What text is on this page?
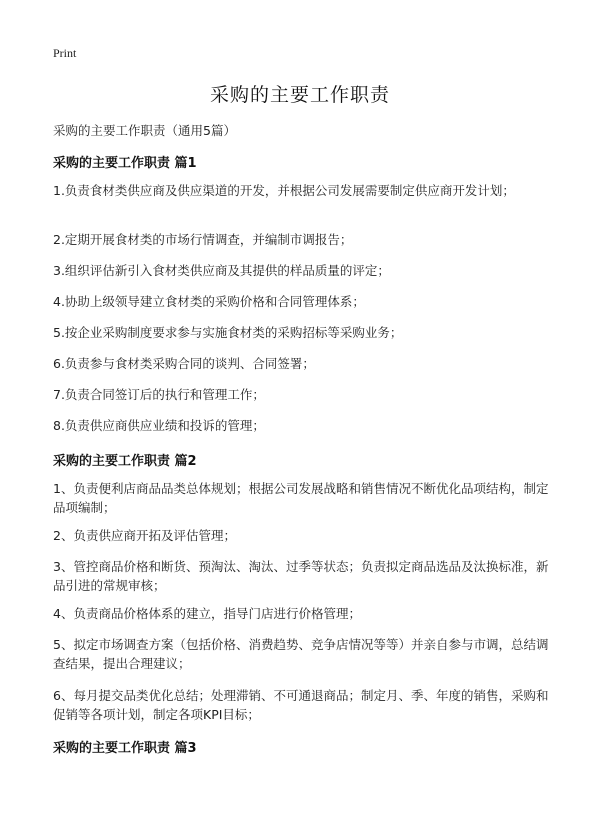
Print
采购的主要工作职责
采购的主要工作职责（通用5篇）
采购的主要工作职责 篇1

1.负责食材类供应商及供应渠道的开发，并根据公司发展需要制定供应商开发计划；

2.定期开展食材类的市场行情调查，并编制市调报告；

3.组织评估新引入食材类供应商及其提供的样品质量的评定；

4.协助上级领导建立食材类的采购价格和合同管理体系；

5.按企业采购制度要求参与实施食材类的采购招标等采购业务；

6.负责参与食材类采购合同的谈判、合同签署；

7.负责合同签订后的执行和管理工作；

8.负责供应商供应业绩和投诉的管理；

采购的主要工作职责 篇2

1、负责便利店商品品类总体规划；根据公司发展战略和销售情况不断优化品项结构，制定品项编制；

2、负责供应商开拓及评估管理；

3、管控商品价格和断货、预淘汰、淘汰、过季等状态；负责拟定商品选品及汰换标准，新品引进的常规审核；

4、负责商品价格体系的建立，指导门店进行价格管理；

5、拟定市场调查方案（包括价格、消费趋势、竞争店情况等等）并亲自参与市调，总结调查结果，提出合理建议；

6、每月提交品类优化总结；处理滞销、不可通退商品；制定月、季、年度的销售，采购和促销等各项计划，制定各项KPI目标；

采购的主要工作职责 篇3
